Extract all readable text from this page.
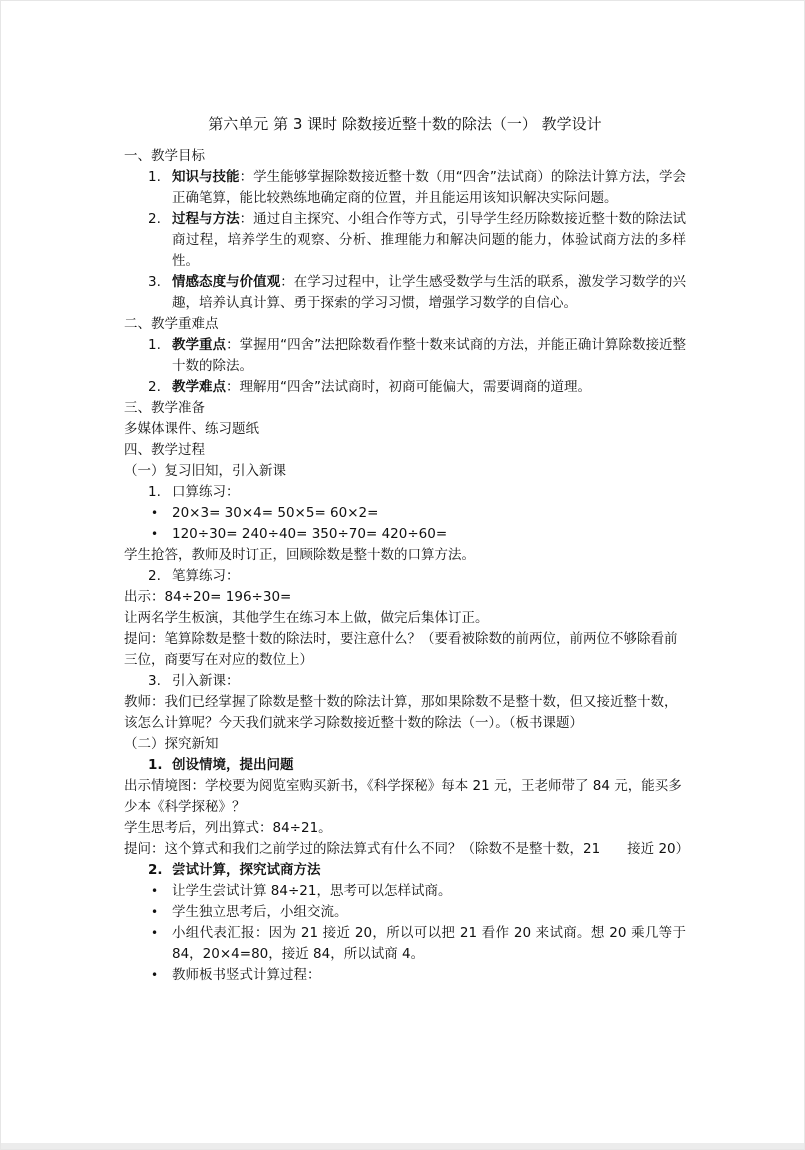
第六单元 第 3 课时 除数接近整十数的除法（一） 教学设计
一、教学目标
1. 知识与技能：学生能够掌握除数接近整十数（用“四舍”法试商）的除法计算方法，学会正确笔算，能比较熟练地确定商的位置，并且能运用该知识解决实际问题。
2. 过程与方法：通过自主探究、小组合作等方式，引导学生经历除数接近整十数的除法试商过程，培养学生的观察、分析、推理能力和解决问题的能力，体验试商方法的多样性。
3. 情感态度与价值观：在学习过程中，让学生感受数学与生活的联系，激发学习数学的兴趣，培养认真计算、勇于探索的学习习惯，增强学习数学的自信心。
二、教学重难点
1. 教学重点：掌握用“四舍”法把除数看作整十数来试商的方法，并能正确计算除数接近整十数的除法。
2. 教学难点：理解用“四舍”法试商时，初商可能偏大，需要调商的道理。
三、教学准备
多媒体课件、练习题纸
四、教学过程
（一）复习旧知，引入新课
1. 口算练习：
• 20×3= 30×4= 50×5= 60×2=
• 120÷30= 240÷40= 350÷70= 420÷60=
学生抢答，教师及时订正，回顾除数是整十数的口算方法。
2. 笔算练习：
出示：84÷20= 196÷30=
让两名学生板演，其他学生在练习本上做，做完后集体订正。
提问：笔算除数是整十数的除法时，要注意什么？（要看被除数的前两位，前两位不够除看前三位，商要写在对应的数位上）
3. 引入新课：
教师：我们已经掌握了除数是整十数的除法计算，那如果除数不是整十数，但又接近整十数，该怎么计算呢？今天我们就来学习除数接近整十数的除法（一）。（板书课题）
（二）探究新知
1. 创设情境，提出问题
出示情境图：学校要为阅览室购买新书，《科学探秘》每本 21 元，王老师带了 84 元，能买多少本《科学探秘》？
学生思考后，列出算式：84÷21。
提问：这个算式和我们之前学过的除法算式有什么不同？（除数不是整十数，21　　接近 20）
2. 尝试计算，探究试商方法
• 让学生尝试计算 84÷21，思考可以怎样试商。
• 学生独立思考后，小组交流。
• 小组代表汇报：因为 21 接近 20，所以可以把 21 看作 20 来试商。想 20 乘几等于 84，20×4=80，接近 84，所以试商 4。
• 教师板书竖式计算过程：
